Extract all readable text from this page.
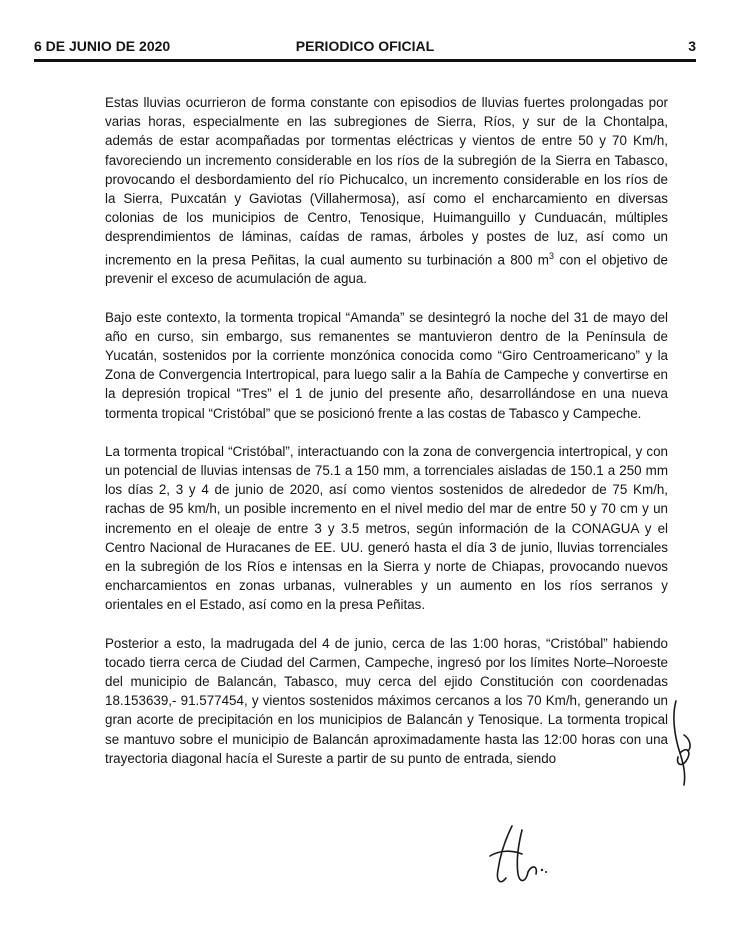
6 DE JUNIO DE 2020	PERIODICO OFICIAL	3

Estas lluvias ocurrieron de forma constante con episodios de lluvias fuertes prolongadas por varias horas, especialmente en las subregiones de Sierra, Ríos, y sur de la Chontalpa, además de estar acompañadas por tormentas eléctricas y vientos de entre 50 y 70 Km/h, favoreciendo un incremento considerable en los ríos de la subregión de la Sierra en Tabasco, provocando el desbordamiento del río Pichucalco, un incremento considerable en los ríos de la Sierra, Puxcatán y Gaviotas (Villahermosa), así como el encharcamiento en diversas colonias de los municipios de Centro, Tenosique, Huimanguillo y Cunduacán, múltiples desprendimientos de láminas, caídas de ramas, árboles y postes de luz, así como un incremento en la presa Peñitas, la cual aumento su turbinación a 800 $m^3$ con el objetivo de prevenir el exceso de acumulación de agua.

Bajo este contexto, la tormenta tropical “Amanda” se desintegró la noche del 31 de mayo del año en curso, sin embargo, sus remanentes se mantuvieron dentro de la Península de Yucatán, sostenidos por la corriente monzónica conocida como “Giro Centroamericano” y la Zona de Convergencia Intertropical, para luego salir a la Bahía de Campeche y convertirse en la depresión tropical “Tres” el 1 de junio del presente año, desarrollándose en una nueva tormenta tropical “Cristóbal” que se posicionó frente a las costas de Tabasco y Campeche.

La tormenta tropical “Cristóbal”, interactuando con la zona de convergencia intertropical, y con un potencial de lluvias intensas de 75.1 a 150 mm, a torrenciales aisladas de 150.1 a 250 mm los días 2, 3 y 4 de junio de 2020, así como vientos sostenidos de alrededor de 75 Km/h, rachas de 95 km/h, un posible incremento en el nivel medio del mar de entre 50 y 70 cm y un incremento en el oleaje de entre 3 y 3.5 metros, según información de la CONAGUA y el Centro Nacional de Huracanes de EE. UU. generó hasta el día 3 de junio, lluvias torrenciales en la subregión de los Ríos e intensas en la Sierra y norte de Chiapas, provocando nuevos encharcamientos en zonas urbanas, vulnerables y un aumento en los ríos serranos y orientales en el Estado, así como en la presa Peñitas.

Posterior a esto, la madrugada del 4 de junio, cerca de las 1:00 horas, “Cristóbal” habiendo tocado tierra cerca de Ciudad del Carmen, Campeche, ingresó por los límites Norte–Noroeste del municipio de Balancán, Tabasco, muy cerca del ejido Constitución con coordenadas 18.153639,- 91.577454, y vientos sostenidos máximos cercanos a los 70 Km/h, generando un gran acorte de precipitación en los municipios de Balancán y Tenosique. La tormenta tropical se mantuvo sobre el municipio de Balancán aproximadamente hasta las 12:00 horas con una trayectoria diagonal hacía el Sureste a partir de su punto de entrada, siendo
